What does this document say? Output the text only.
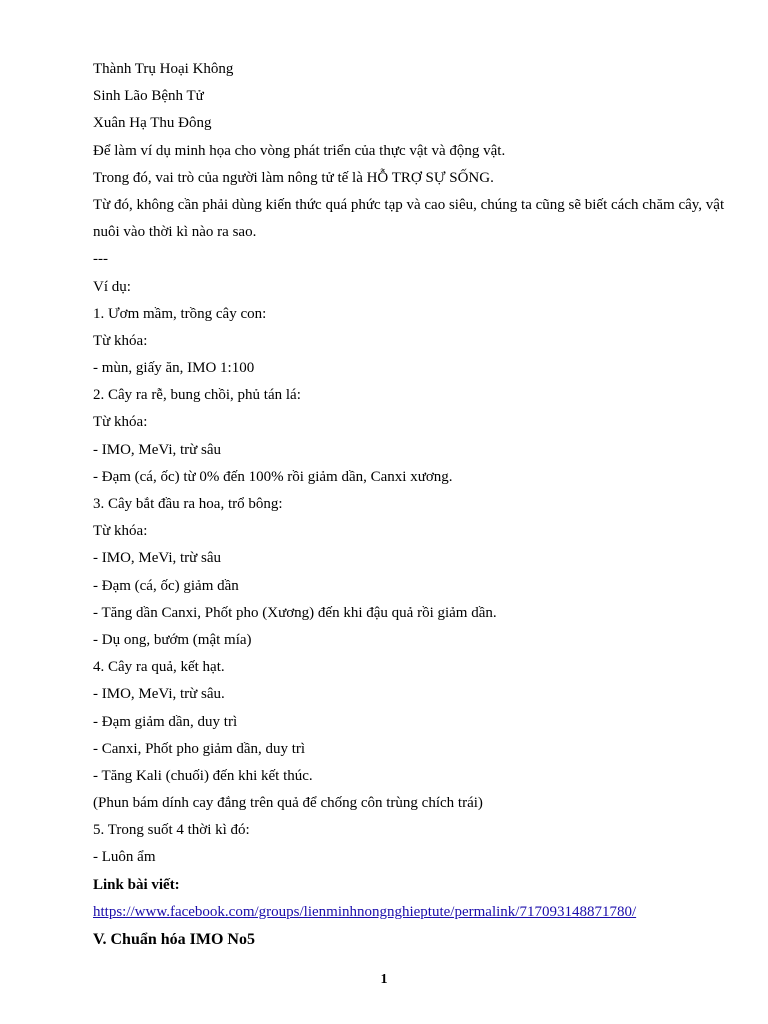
Thành Trụ Hoại Không

Sinh Lão Bệnh Tử

Xuân Hạ Thu Đông

Để làm ví dụ minh họa cho vòng phát triển của thực vật và động vật.

Trong đó, vai trò của người làm nông tử tế là HỖ TRỢ SỰ SỐNG.

Từ đó, không cần phải dùng kiến thức quá phức tạp và cao siêu, chúng ta cũng sẽ biết cách chăm cây, vật nuôi vào thời kì nào ra sao.

---

Ví dụ:

1. Ươm mầm, trồng cây con:

Từ khóa:

- mùn, giấy ăn, IMO 1:100

2. Cây ra rễ, bung chồi, phủ tán lá:

Từ khóa:

- IMO, MeVi, trừ sâu

- Đạm (cá, ốc) từ 0% đến 100% rồi giảm dần, Canxi xương.

3. Cây bắt đầu ra hoa, trổ bông:

Từ khóa:

- IMO, MeVi, trừ sâu

- Đạm (cá, ốc) giảm dần

- Tăng dần Canxi, Phốt pho (Xương) đến khi đậu quả rồi giảm dần.

- Dụ ong, bướm (mật mía)

4. Cây ra quả, kết hạt.

- IMO, MeVi, trừ sâu.

- Đạm giảm dần, duy trì

- Canxi, Phốt pho giảm dần, duy trì

- Tăng Kali (chuối) đến khi kết thúc.

(Phun bám dính cay đắng trên quả để chống côn trùng chích trái)

5. Trong suốt 4 thời kì đó:

- Luôn ẩm

Link bài viết:

https://www.facebook.com/groups/lienminhnongnghieptute/permalink/717093148871780/

V. Chuẩn hóa IMO No5

1
